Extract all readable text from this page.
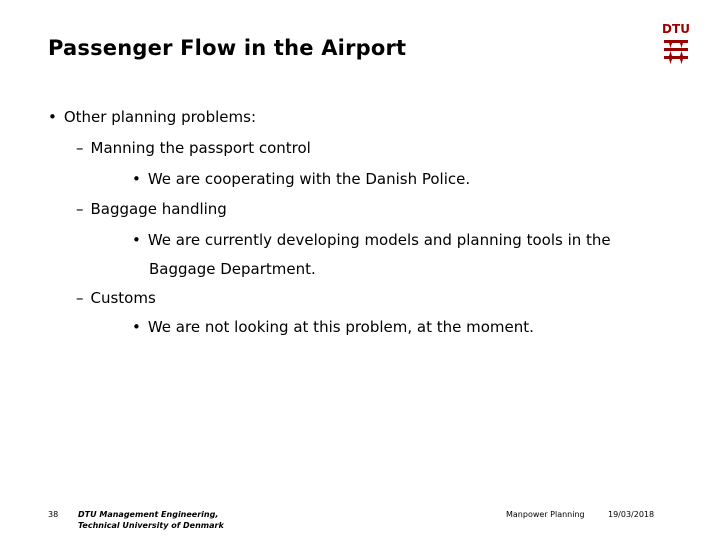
Passenger Flow in the Airport
DTU
• Other planning problems:
– Manning the passport control
• We are cooperating with the Danish Police.
– Baggage handling
• We are currently developing models and planning tools in the
Baggage Department.
– Customs
• We are not looking at this problem, at the moment.
38 DTU Management Engineering,
Technical University of Denmark
Manpower Planning	19/03/2018
